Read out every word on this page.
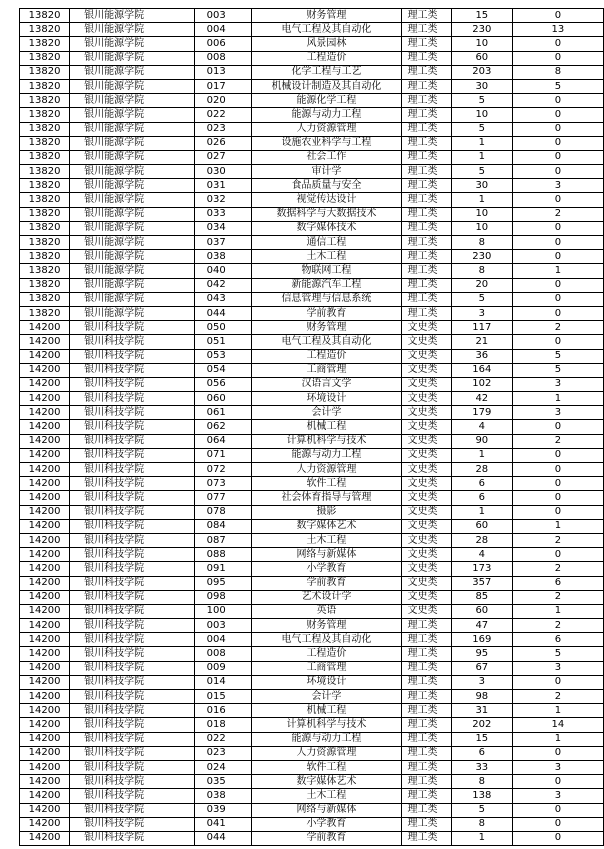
13820	银川能源学院	003	财务管理	理工类	15	0
13820	银川能源学院	004	电气工程及其自动化	理工类	230	13
13820	银川能源学院	006	风景园林	理工类	10	0
13820	银川能源学院	008	工程造价	理工类	60	0
13820	银川能源学院	013	化学工程与工艺	理工类	203	8
13820	银川能源学院	017	机械设计制造及其自动化	理工类	30	5
13820	银川能源学院	020	能源化学工程	理工类	5	0
13820	银川能源学院	022	能源与动力工程	理工类	10	0
13820	银川能源学院	023	人力资源管理	理工类	5	0
13820	银川能源学院	026	设施农业科学与工程	理工类	1	0
13820	银川能源学院	027	社会工作	理工类	1	0
13820	银川能源学院	030	审计学	理工类	5	0
13820	银川能源学院	031	食品质量与安全	理工类	30	3
13820	银川能源学院	032	视觉传达设计	理工类	1	0
13820	银川能源学院	033	数据科学与大数据技术	理工类	10	2
13820	银川能源学院	034	数字媒体技术	理工类	10	0
13820	银川能源学院	037	通信工程	理工类	8	0
13820	银川能源学院	038	土木工程	理工类	230	0
13820	银川能源学院	040	物联网工程	理工类	8	1
13820	银川能源学院	042	新能源汽车工程	理工类	20	0
13820	银川能源学院	043	信息管理与信息系统	理工类	5	0
13820	银川能源学院	044	学前教育	理工类	3	0
14200	银川科技学院	050	财务管理	文史类	117	2
14200	银川科技学院	051	电气工程及其自动化	文史类	21	0
14200	银川科技学院	053	工程造价	文史类	36	5
14200	银川科技学院	054	工商管理	文史类	164	5
14200	银川科技学院	056	汉语言文学	文史类	102	3
14200	银川科技学院	060	环境设计	文史类	42	1
14200	银川科技学院	061	会计学	文史类	179	3
14200	银川科技学院	062	机械工程	文史类	4	0
14200	银川科技学院	064	计算机科学与技术	文史类	90	2
14200	银川科技学院	071	能源与动力工程	文史类	1	0
14200	银川科技学院	072	人力资源管理	文史类	28	0
14200	银川科技学院	073	软件工程	文史类	6	0
14200	银川科技学院	077	社会体育指导与管理	文史类	6	0
14200	银川科技学院	078	摄影	文史类	1	0
14200	银川科技学院	084	数字媒体艺术	文史类	60	1
14200	银川科技学院	087	土木工程	文史类	28	2
14200	银川科技学院	088	网络与新媒体	文史类	4	0
14200	银川科技学院	091	小学教育	文史类	173	2
14200	银川科技学院	095	学前教育	文史类	357	6
14200	银川科技学院	098	艺术设计学	文史类	85	2
14200	银川科技学院	100	英语	文史类	60	1
14200	银川科技学院	003	财务管理	理工类	47	2
14200	银川科技学院	004	电气工程及其自动化	理工类	169	6
14200	银川科技学院	008	工程造价	理工类	95	5
14200	银川科技学院	009	工商管理	理工类	67	3
14200	银川科技学院	014	环境设计	理工类	3	0
14200	银川科技学院	015	会计学	理工类	98	2
14200	银川科技学院	016	机械工程	理工类	31	1
14200	银川科技学院	018	计算机科学与技术	理工类	202	14
14200	银川科技学院	022	能源与动力工程	理工类	15	1
14200	银川科技学院	023	人力资源管理	理工类	6	0
14200	银川科技学院	024	软件工程	理工类	33	3
14200	银川科技学院	035	数字媒体艺术	理工类	8	0
14200	银川科技学院	038	土木工程	理工类	138	3
14200	银川科技学院	039	网络与新媒体	理工类	5	0
14200	银川科技学院	041	小学教育	理工类	8	0
14200	银川科技学院	044	学前教育	理工类	1	0
